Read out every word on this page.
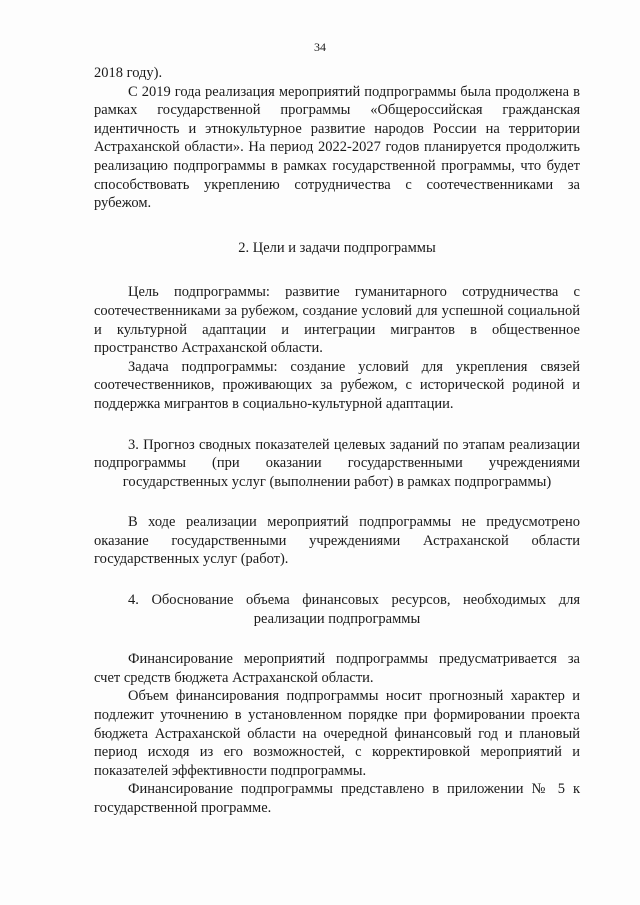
34

2018 году).

С 2019 года реализация мероприятий подпрограммы была продолжена в рамках государственной программы «Общероссийская гражданская идентичность и этнокультурное развитие народов России на территории Астраханской области». На период 2022-2027 годов планируется продолжить реализацию подпрограммы в рамках государственной программы, что будет способствовать укреплению сотрудничества с соотечественниками за рубежом.

2. Цели и задачи подпрограммы

Цель подпрограммы: развитие гуманитарного сотрудничества с соотечественниками за рубежом, создание условий для успешной социальной и культурной адаптации и интеграции мигрантов в общественное пространство Астраханской области.

Задача подпрограммы: создание условий для укрепления связей соотечественников, проживающих за рубежом, с исторической родиной и поддержка мигрантов в социально-культурной адаптации.

3. Прогноз сводных показателей целевых заданий по этапам реализации подпрограммы (при оказании государственными учреждениями государственных услуг (выполнении работ) в рамках подпрограммы)

В ходе реализации мероприятий подпрограммы не предусмотрено оказание государственными учреждениями Астраханской области государственных услуг (работ).

4. Обоснование объема финансовых ресурсов, необходимых для реализации подпрограммы

Финансирование мероприятий подпрограммы предусматривается за счет средств бюджета Астраханской области.

Объем финансирования подпрограммы носит прогнозный характер и подлежит уточнению в установленном порядке при формировании проекта бюджета Астраханской области на очередной финансовый год и плановый период исходя из его возможностей, с корректировкой мероприятий и показателей эффективности подпрограммы.

Финансирование подпрограммы представлено в приложении № 5 к государственной программе.
